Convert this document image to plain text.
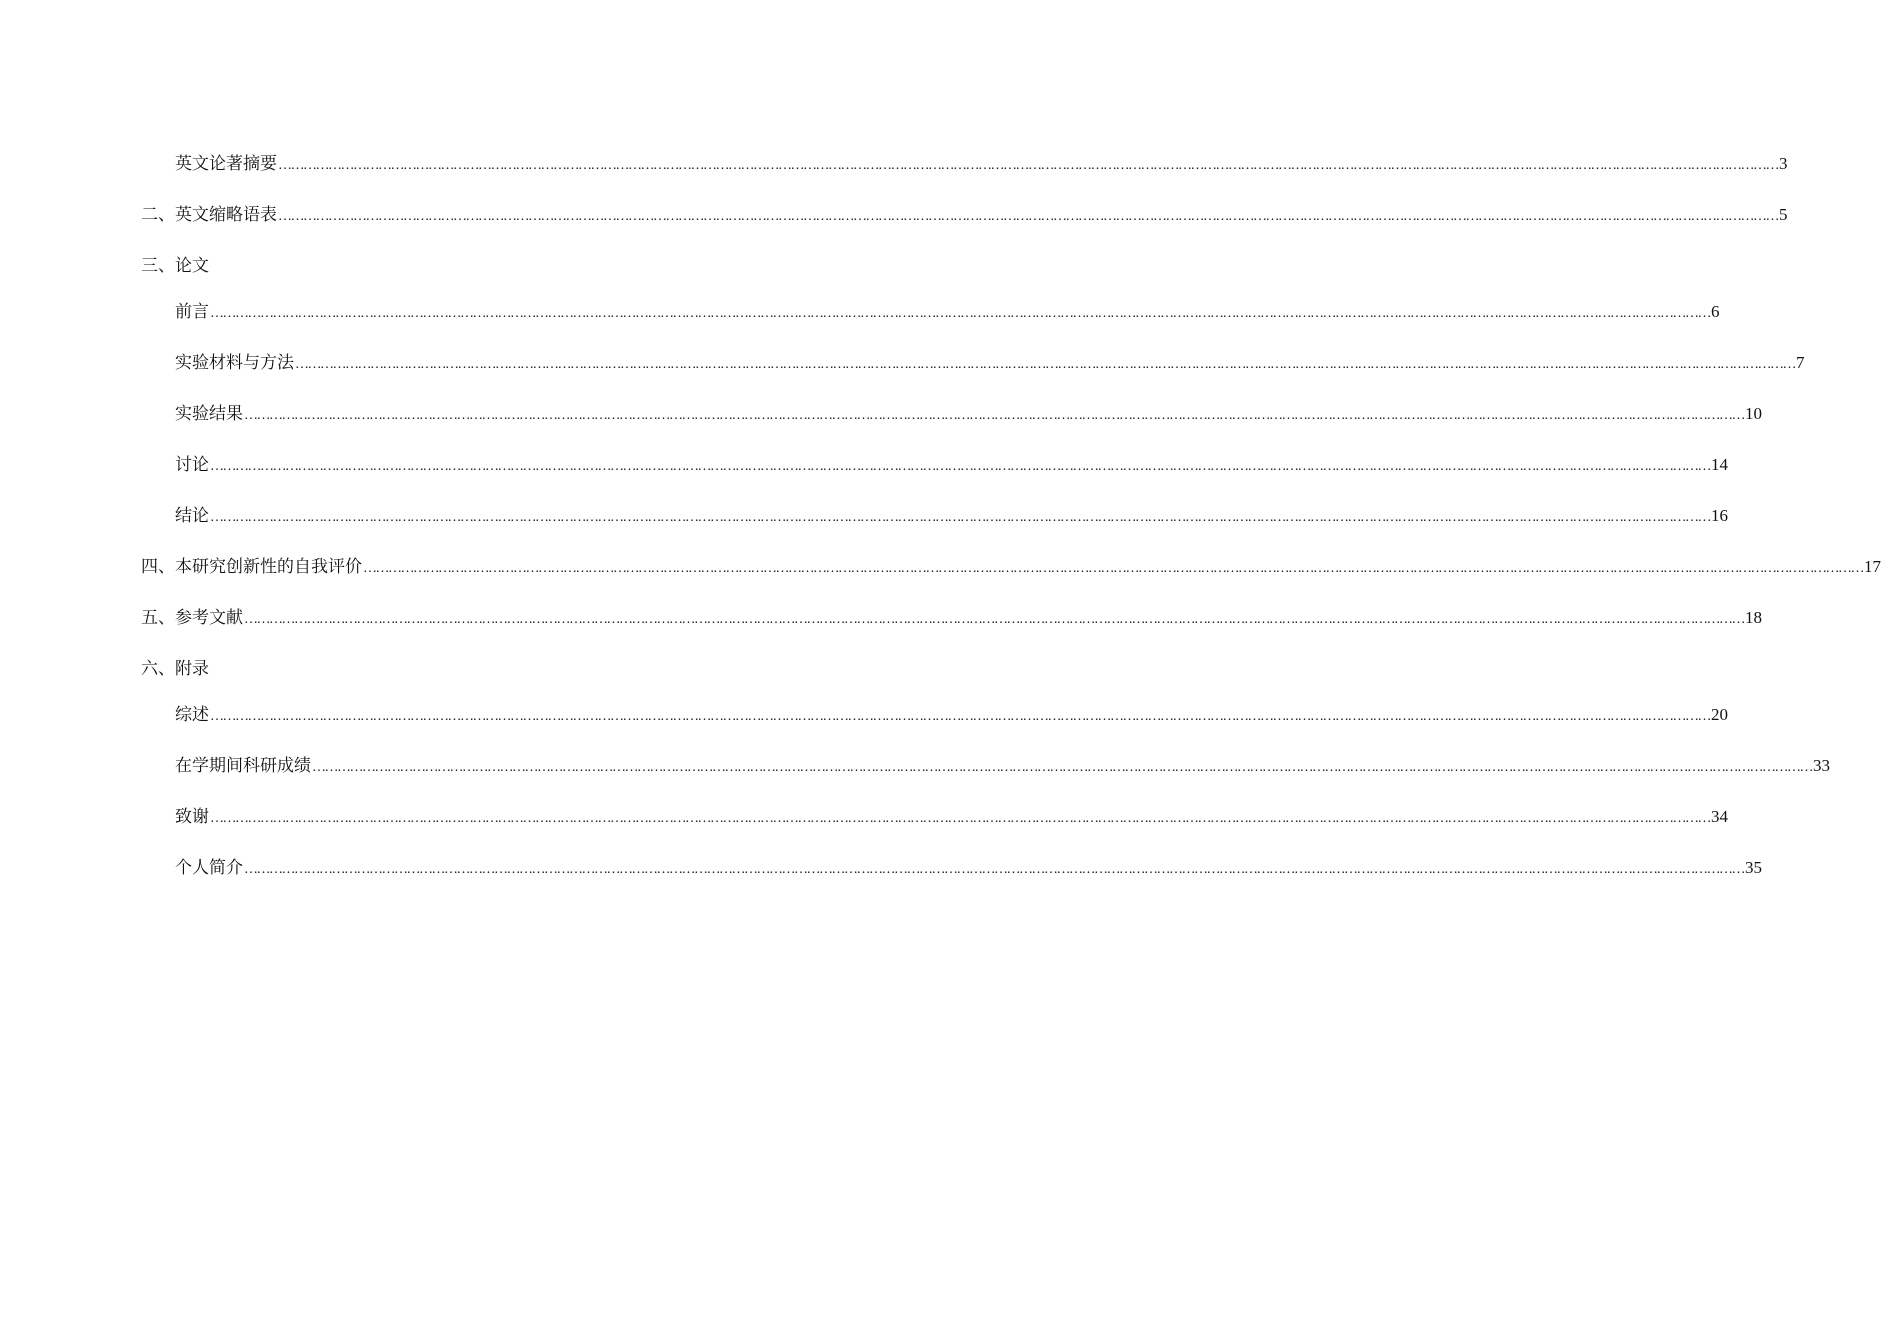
英文论著摘要 ……………………………………………………………………………………………………………………………………………………………………………………………………………………………………………………………………………………………………………………………… 3
二、英文缩略语表 ……………………………………………………………………………………………………………………………………………………………………………………………………………………………………………………………………………………………………………………………… 5
三、论文
前言 ……………………………………………………………………………………………………………………………………………………………………………………………………………………………………………………………………………………………………………………………… 6
实验材料与方法 ……………………………………………………………………………………………………………………………………………………………………………………………………………………………………………………………………………………………………………………………… 7
实验结果 ……………………………………………………………………………………………………………………………………………………………………………………………………………………………………………………………………………………………………………………………… 10
讨论 ……………………………………………………………………………………………………………………………………………………………………………………………………………………………………………………………………………………………………………………………… 14
结论 ……………………………………………………………………………………………………………………………………………………………………………………………………………………………………………………………………………………………………………………………… 16
四、本研究创新性的自我评价 ……………………………………………………………………………………………………………………………………………………………………………………………………………………………………………………………………………………………………………………………… 17
五、参考文献 ……………………………………………………………………………………………………………………………………………………………………………………………………………………………………………………………………………………………………………………………… 18
六、附录
综述 ……………………………………………………………………………………………………………………………………………………………………………………………………………………………………………………………………………………………………………………………… 20
在学期间科研成绩 ……………………………………………………………………………………………………………………………………………………………………………………………………………………………………………………………………………………………………………………………… 33
致谢 ……………………………………………………………………………………………………………………………………………………………………………………………………………………………………………………………………………………………………………………………… 34
个人简介 ……………………………………………………………………………………………………………………………………………………………………………………………………………………………………………………………………………………………………………………………… 35
